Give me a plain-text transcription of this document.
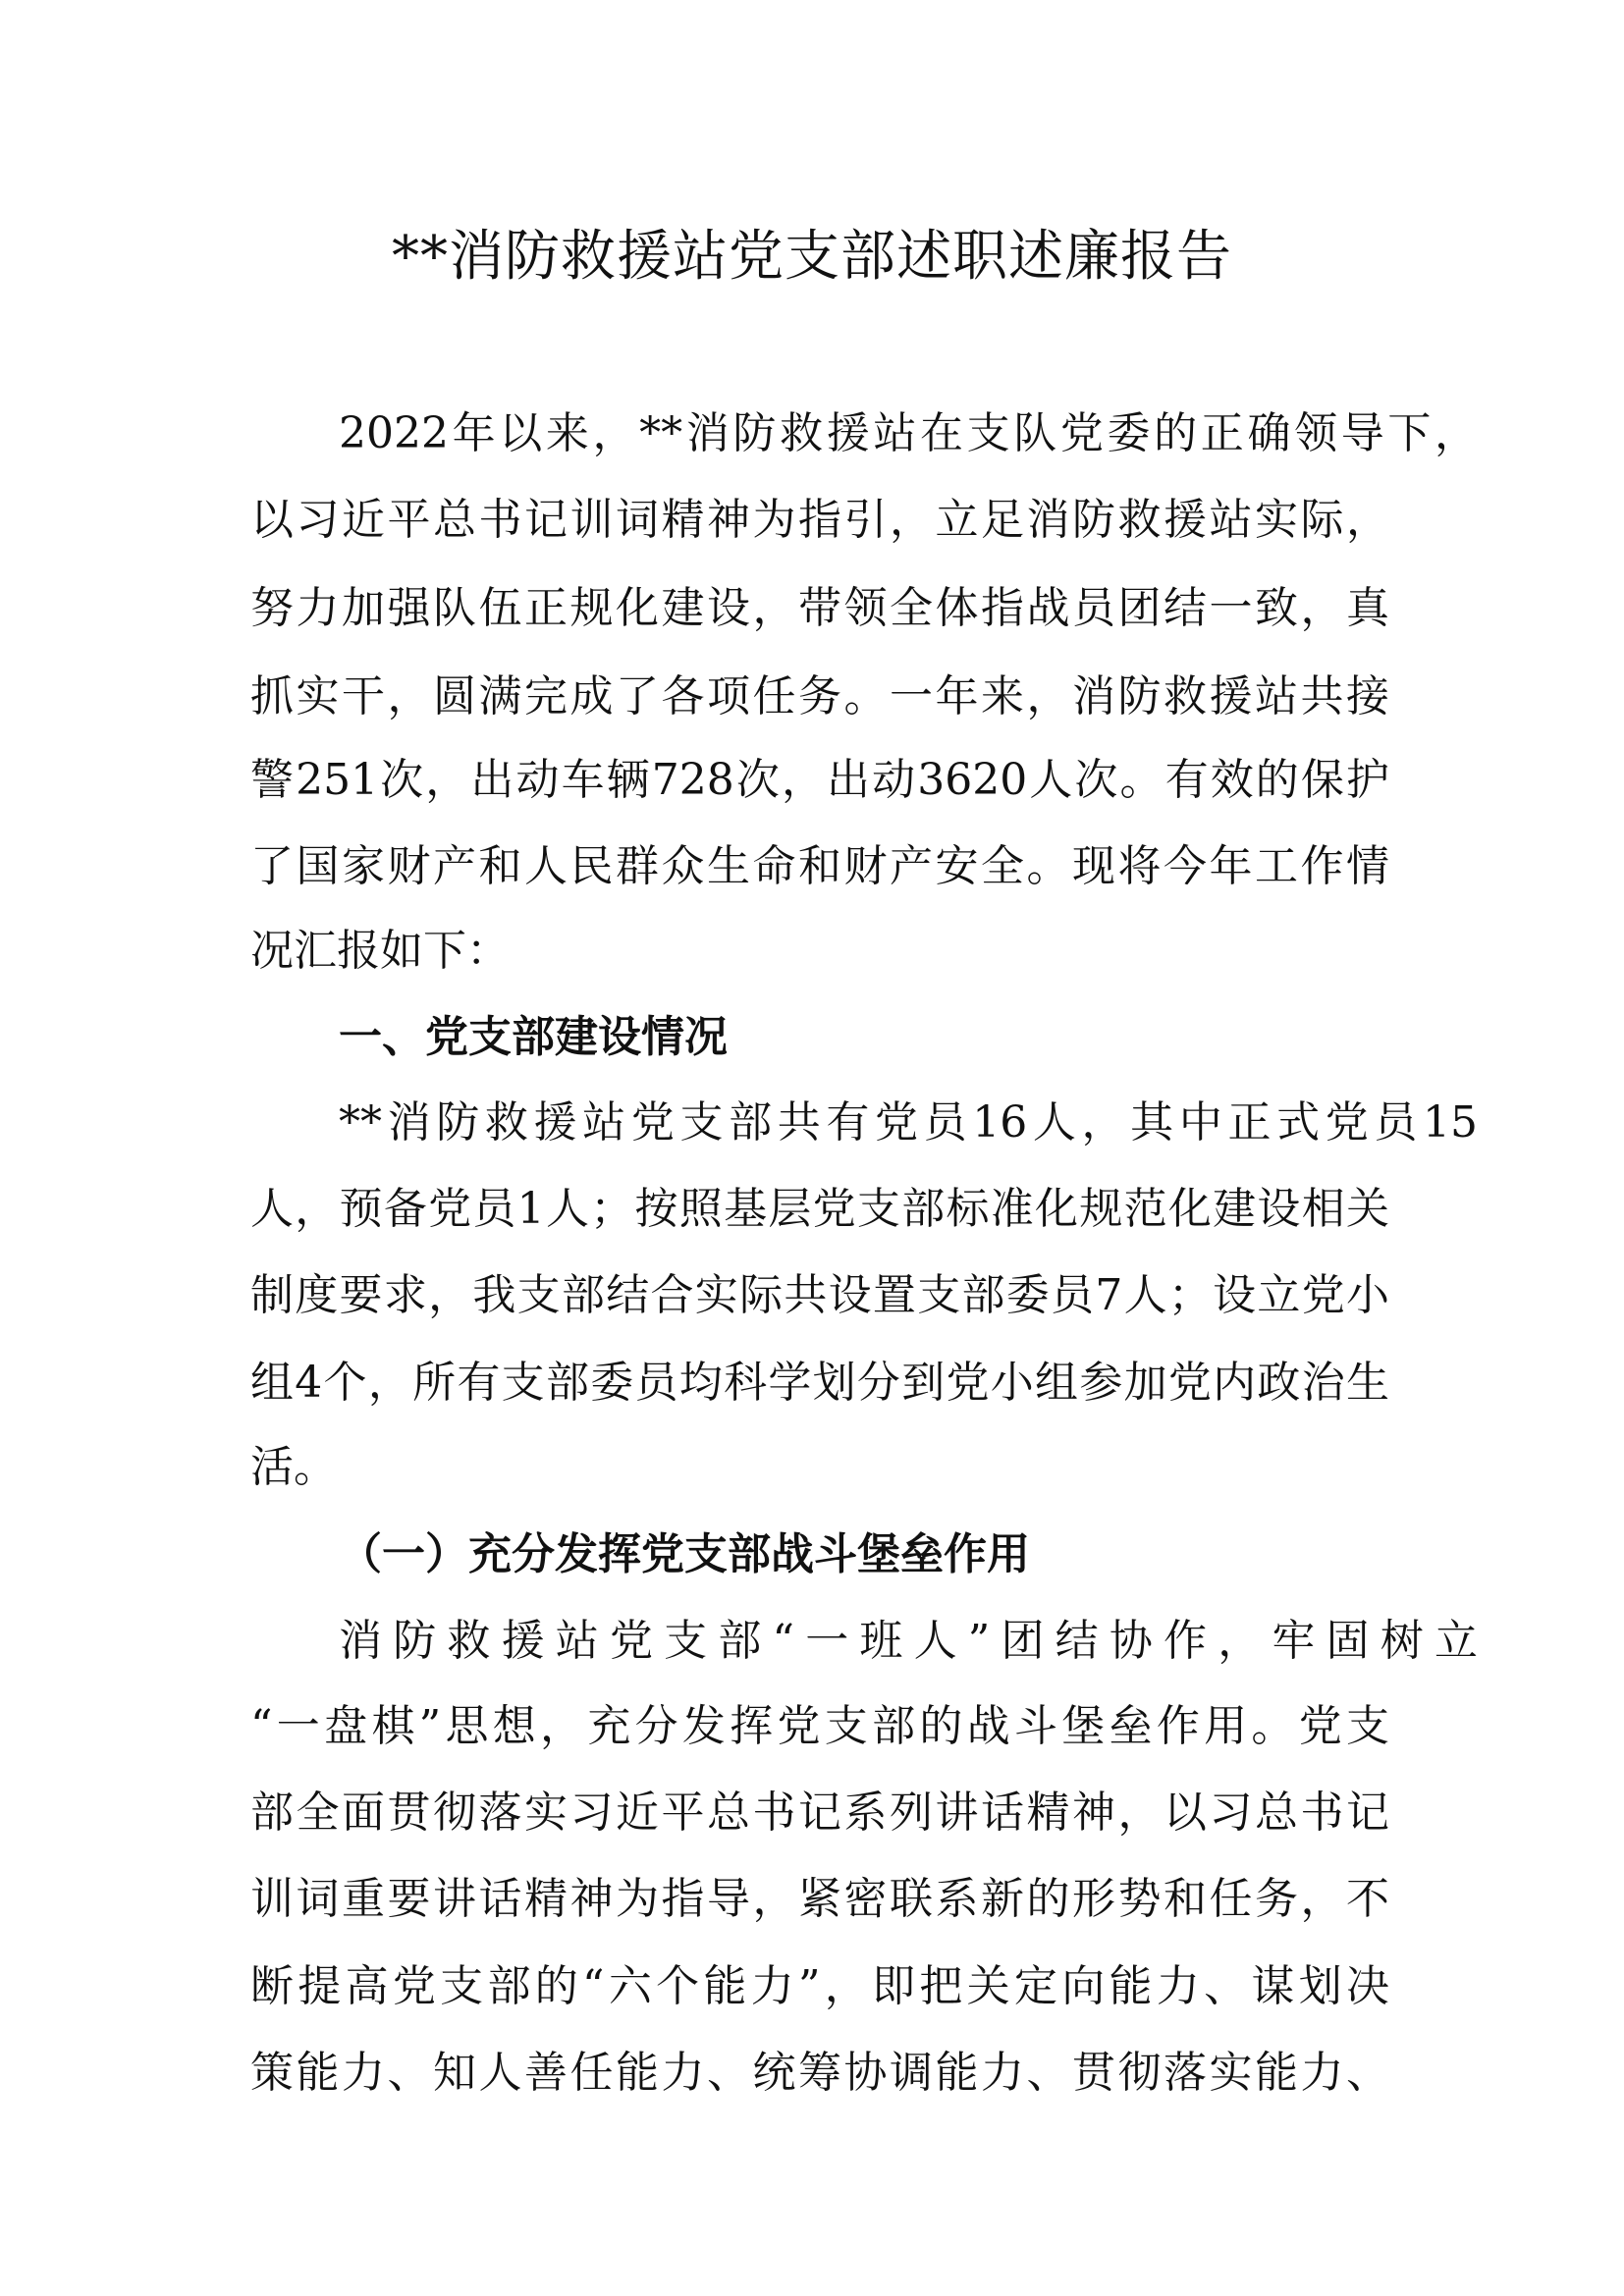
**消防救援站党支部述职述廉报告
2022年以来，**消防救援站在支队党委的正确领导下，
以习近平总书记训词精神为指引，立足消防救援站实际，
努力加强队伍正规化建设，带领全体指战员团结一致，真
抓实干，圆满完成了各项任务。一年来，消防救援站共接
警251次，出动车辆728次，出动3620人次。有效的保护
了国家财产和人民群众生命和财产安全。现将今年工作情
况汇报如下：
一、党支部建设情况
**消防救援站党支部共有党员16人，其中正式党员15
人，预备党员1人；按照基层党支部标准化规范化建设相关
制度要求，我支部结合实际共设置支部委员7人；设立党小
组4个，所有支部委员均科学划分到党小组参加党内政治生
活。
（一）充分发挥党支部战斗堡垒作用
消防救援站党支部“一班人”团结协作，牢固树立
“一盘棋”思想，充分发挥党支部的战斗堡垒作用。党支
部全面贯彻落实习近平总书记系列讲话精神，以习总书记
训词重要讲话精神为指导，紧密联系新的形势和任务，不
断提高党支部的“六个能力”，即把关定向能力、谋划决
策能力、知人善任能力、统筹协调能力、贯彻落实能力、
